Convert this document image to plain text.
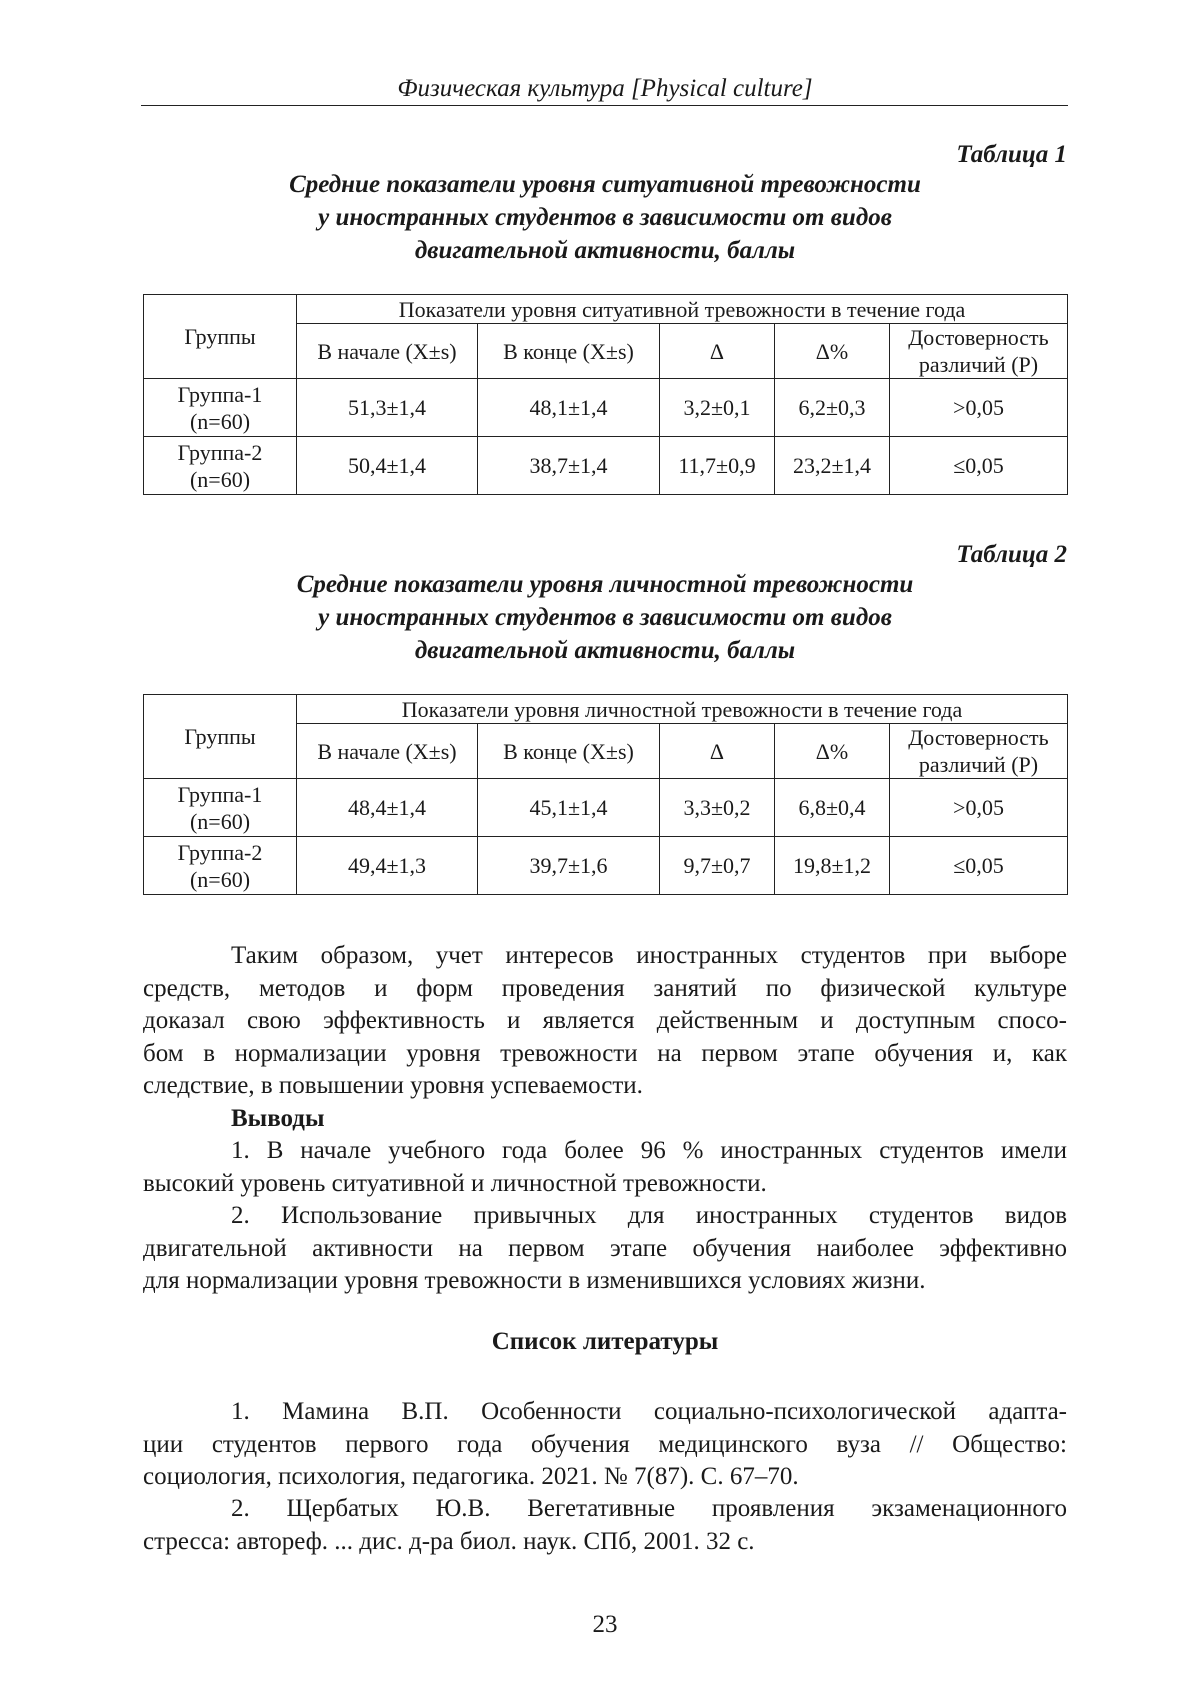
Физическая культура [Physical culture]
Таблица 1
Средние показатели уровня ситуативной тревожности
у иностранных студентов в зависимости от видов
двигательной активности, баллы
Группы	Показатели уровня ситуативной тревожности в течение года				
	В начале (X±s)	В конце (X±s)	Δ	Δ%	Достоверность различий (P)

Группа-1
(n=60)	51,3±1,4	48,1±1,4	3,2±0,1	6,2±0,3	>0,05

Группа-2
(n=60)	50,4±1,4	38,7±1,4	11,7±0,9	23,2±1,4	≤0,05
Таблица 2
Средние показатели уровня личностной тревожности
у иностранных студентов в зависимости от видов
двигательной активности, баллы
Группы	Показатели уровня личностной тревожности в течение года				
	В начале (X±s)	В конце (X±s)	Δ	Δ%	Достоверность различий (P)

Группа-1
(n=60)	48,4±1,4	45,1±1,4	3,3±0,2	6,8±0,4	>0,05

Группа-2
(n=60)	49,4±1,3	39,7±1,6	9,7±0,7	19,8±1,2	≤0,05
Таким образом, учет интересов иностранных студентов при выборе
средств, методов и форм проведения занятий по физической культуре
доказал свою эффективность и является действенным и доступным спосо-
бом в нормализации уровня тревожности на первом этапе обучения и, как
следствие, в повышении уровня успеваемости.
Выводы
1. В начале учебного года более 96 % иностранных студентов имели
высокий уровень ситуативной и личностной тревожности.
2. Использование привычных для иностранных студентов видов
двигательной активности на первом этапе обучения наиболее эффективно
для нормализации уровня тревожности в изменившихся условиях жизни.
Список литературы
1. Мамина В.П. Особенности социально-психологической адапта-
ции студентов первого года обучения медицинского вуза // Общество:
социология, психология, педагогика. 2021. № 7(87). С. 67–70.
2. Щербатых Ю.В. Вегетативные проявления экзаменационного
стресса: автореф. ... дис. д-ра биол. наук. СПб, 2001. 32 с.
23
